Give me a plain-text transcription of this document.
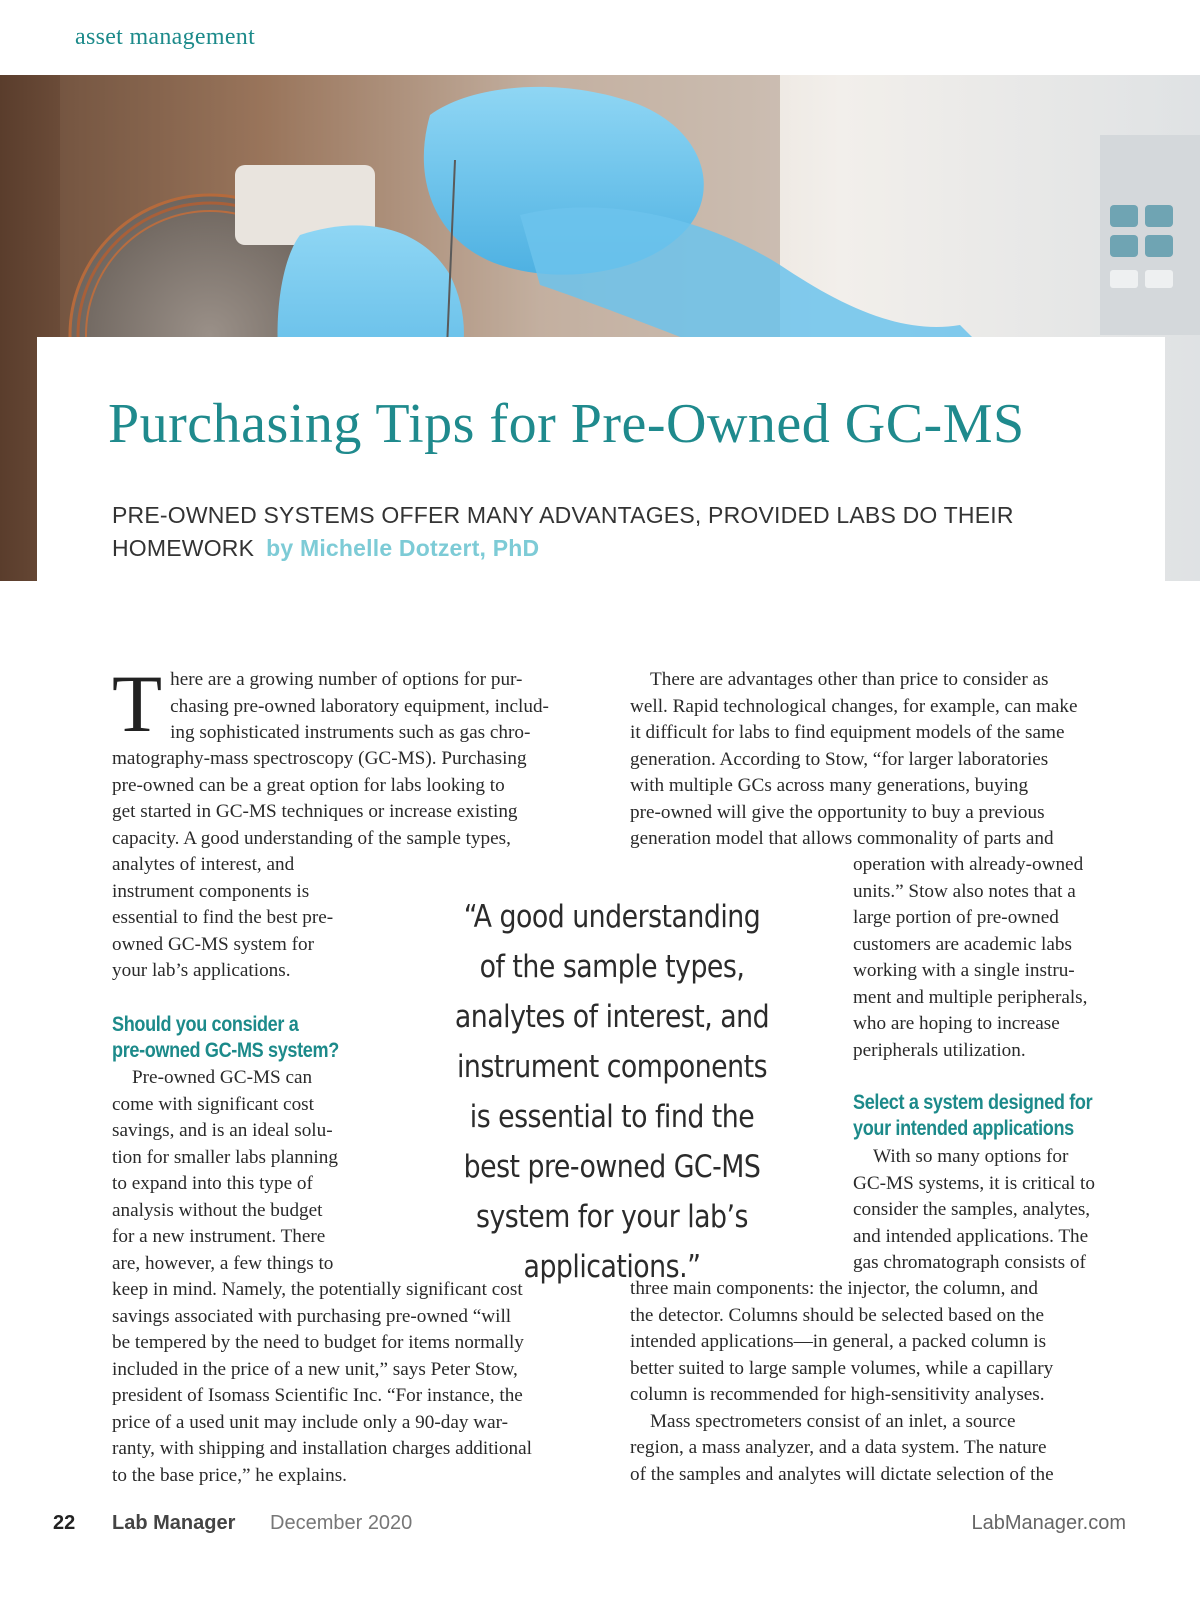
asset management
Purchasing Tips for Pre-Owned GC-MS
PRE-OWNED SYSTEMS OFFER MANY ADVANTAGES, PROVIDED LABS DO THEIR HOMEWORK by Michelle Dotzert, PhD
T here are a growing number of options for pur-
chasing pre-owned laboratory equipment, includ-
ing sophisticated instruments such as gas chro-
matography-mass spectroscopy (GC-MS). Purchasing
pre-owned can be a great option for labs looking to
get started in GC-MS techniques or increase existing
capacity. A good understanding of the sample types,
analytes of interest, and
instrument components is
essential to find the best pre-
owned GC-MS system for
your lab’s applications.
Should you consider a
pre-owned GC-MS system?
Pre-owned GC-MS can
come with significant cost
savings, and is an ideal solu-
tion for smaller labs planning
to expand into this type of
analysis without the budget
for a new instrument. There
are, however, a few things to
keep in mind. Namely, the potentially significant cost
savings associated with purchasing pre-owned “will
be tempered by the need to budget for items normally
included in the price of a new unit,” says Peter Stow,
president of Isomass Scientific Inc. “For instance, the
price of a used unit may include only a 90-day war-
ranty, with shipping and installation charges additional
to the base price,” he explains.
“A good understanding of the sample types, analytes of interest, and instrument components is essential to find the best pre-owned GC-MS system for your lab’s applications.”
There are advantages other than price to consider as
well. Rapid technological changes, for example, can make
it difficult for labs to find equipment models of the same
generation. According to Stow, “for larger laboratories
with multiple GCs across many generations, buying
pre-owned will give the opportunity to buy a previous
generation model that allows commonality of parts and
operation with already-owned
units.” Stow also notes that a
large portion of pre-owned
customers are academic labs
working with a single instru-
ment and multiple peripherals,
who are hoping to increase
peripherals utilization.
Select a system designed for
your intended applications
With so many options for
GC-MS systems, it is critical to
consider the samples, analytes,
and intended applications. The
gas chromatograph consists of
three main components: the injector, the column, and
the detector. Columns should be selected based on the
intended applications—in general, a packed column is
better suited to large sample volumes, while a capillary
column is recommended for high-sensitivity analyses.
Mass spectrometers consist of an inlet, a source
region, a mass analyzer, and a data system. The nature
of the samples and analytes will dictate selection of the
22 Lab Manager December 2020	LabManager.com
